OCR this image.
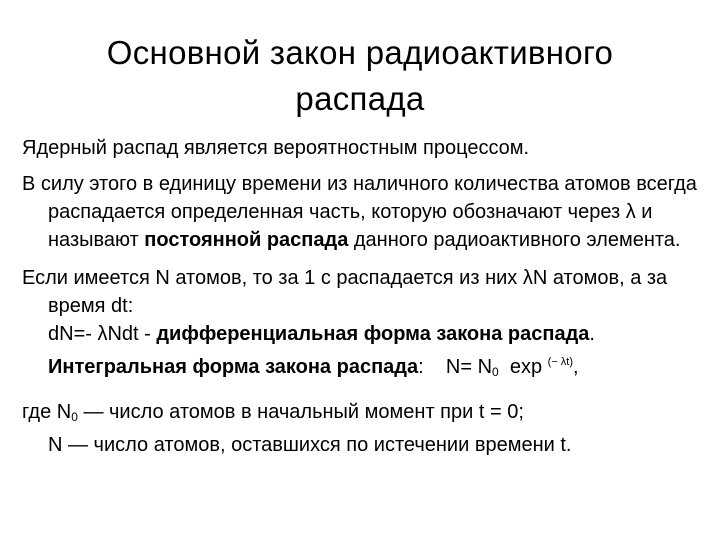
Основной закон радиоактивного
распада

Ядерный распад является вероятностным процессом.

В силу этого в единицу времени из наличного количества атомов всегда распадается определенная часть, которую обозначают через λ и называют постоянной распада данного радиоактивного элемента.

Если имеется N атомов, то за 1 с распадается из них λN атомов, а за время dt:
dN=- λNdt - дифференциальная форма закона распада.
Интегральная форма закона распада: $N= N_0$ exp $^{(- \lambda t)}$,

где $N_0$ — число атомов в начальный момент при t = 0;
N — число атомов, оставшихся по истечении времени t.
